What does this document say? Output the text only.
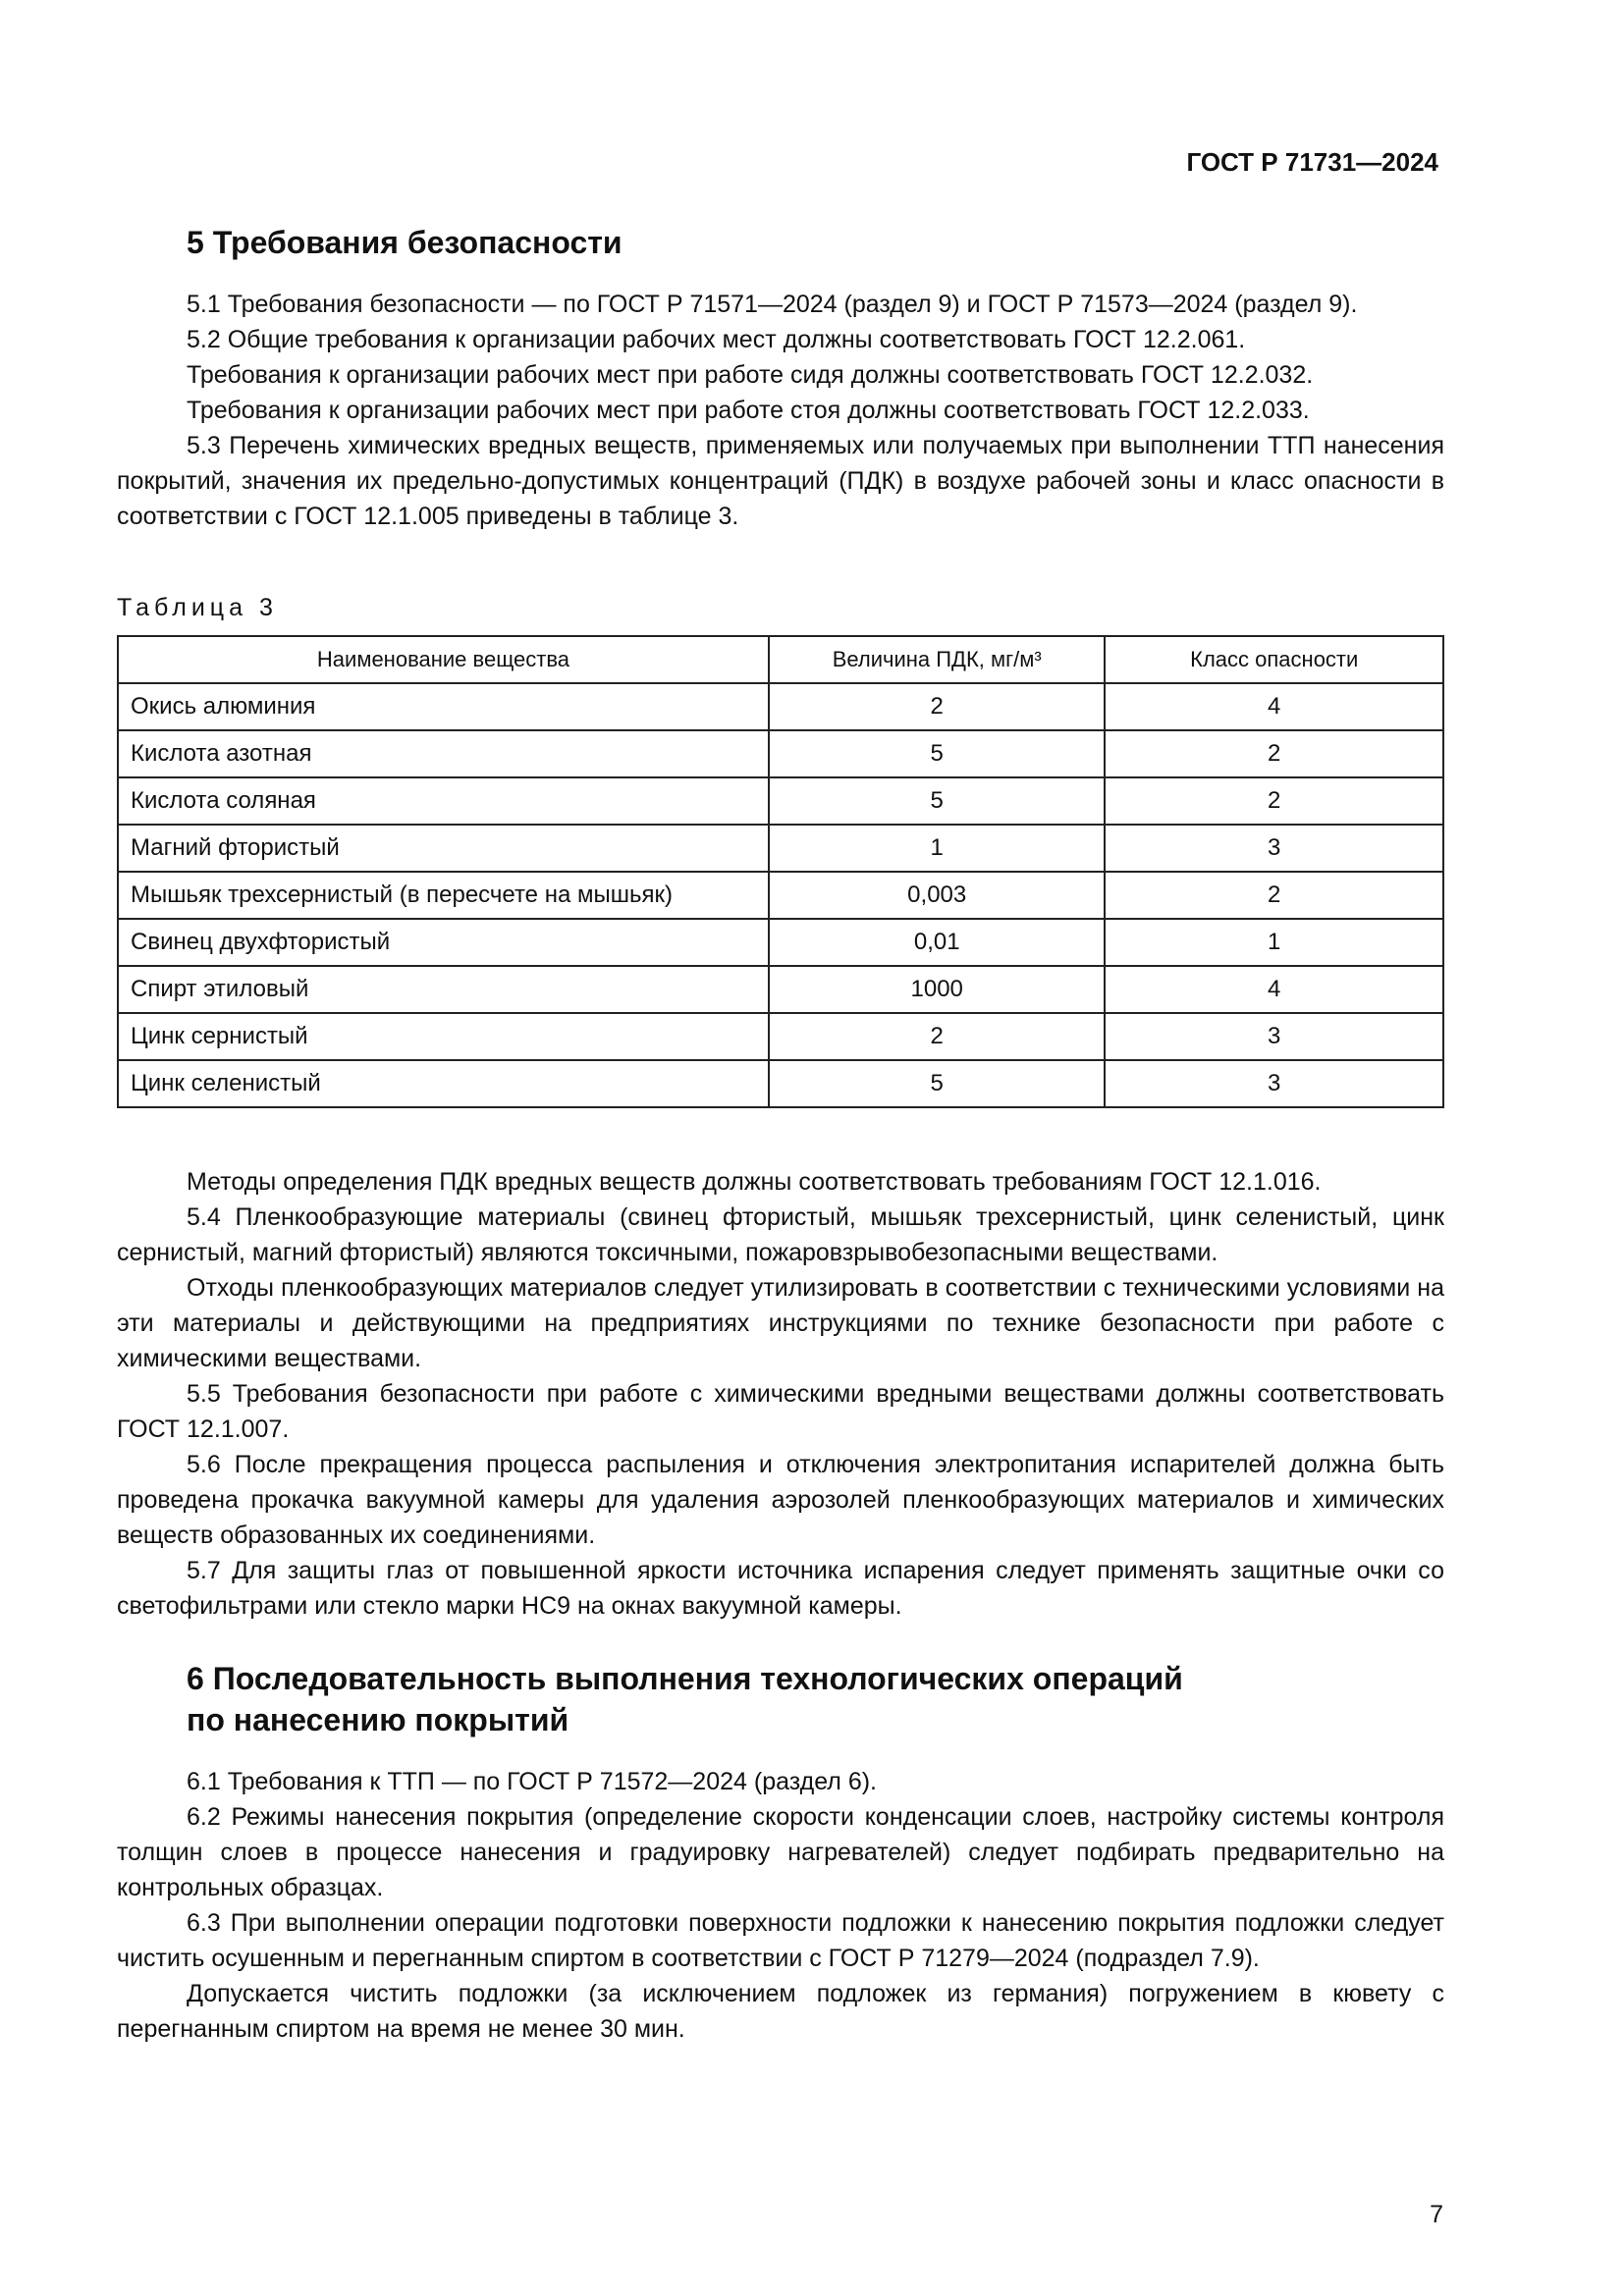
ГОСТ Р 71731—2024
5 Требования безопасности

5.1 Требования безопасности — по ГОСТ Р 71571—2024 (раздел 9) и ГОСТ Р 71573—2024 (раздел 9).

5.2 Общие требования к организации рабочих мест должны соответствовать ГОСТ 12.2.061.

Требования к организации рабочих мест при работе сидя должны соответствовать ГОСТ 12.2.032.

Требования к организации рабочих мест при работе стоя должны соответствовать ГОСТ 12.2.033.

5.3 Перечень химических вредных веществ, применяемых или получаемых при выполнении ТТП нанесения покрытий, значения их предельно-допустимых концентраций (ПДК) в воздухе рабочей зоны и класс опасности в соответствии с ГОСТ 12.1.005 приведены в таблице 3.

Таблица 3
Наименование вещества	Величина ПДК, мг/м³	Класс опасности
Окись алюминия	2	4
Кислота азотная	5	2
Кислота соляная	5	2
Магний фтористый	1	3
Мышьяк трехсернистый (в пересчете на мышьяк)	0,003	2
Свинец двухфтористый	0,01	1
Спирт этиловый	1000	4
Цинк сернистый	2	3
Цинк селенистый	5	3

Методы определения ПДК вредных веществ должны соответствовать требованиям ГОСТ 12.1.016.

5.4 Пленкообразующие материалы (свинец фтористый, мышьяк трехсернистый, цинк селенистый, цинк сернистый, магний фтористый) являются токсичными, пожаровзрывобезопасными веществами.

Отходы пленкообразующих материалов следует утилизировать в соответствии с техническими условиями на эти материалы и действующими на предприятиях инструкциями по технике безопасности при работе с химическими веществами.

5.5 Требования безопасности при работе с химическими вредными веществами должны соответствовать ГОСТ 12.1.007.

5.6 После прекращения процесса распыления и отключения электропитания испарителей должна быть проведена прокачка вакуумной камеры для удаления аэрозолей пленкообразующих материалов и химических веществ образованных их соединениями.

5.7 Для защиты глаз от повышенной яркости источника испарения следует применять защитные очки со светофильтрами или стекло марки НС9 на окнах вакуумной камеры.

6 Последовательность выполнения технологических операций
по нанесению покрытий

6.1 Требования к ТТП — по ГОСТ Р 71572—2024 (раздел 6).

6.2 Режимы нанесения покрытия (определение скорости конденсации слоев, настройку системы контроля толщин слоев в процессе нанесения и градуировку нагревателей) следует подбирать предварительно на контрольных образцах.

6.3 При выполнении операции подготовки поверхности подложки к нанесению покрытия подложки следует чистить осушенным и перегнанным спиртом в соответствии с ГОСТ Р 71279—2024 (подраздел 7.9).

Допускается чистить подложки (за исключением подложек из германия) погружением в кювету с перегнанным спиртом на время не менее 30 мин.

7
